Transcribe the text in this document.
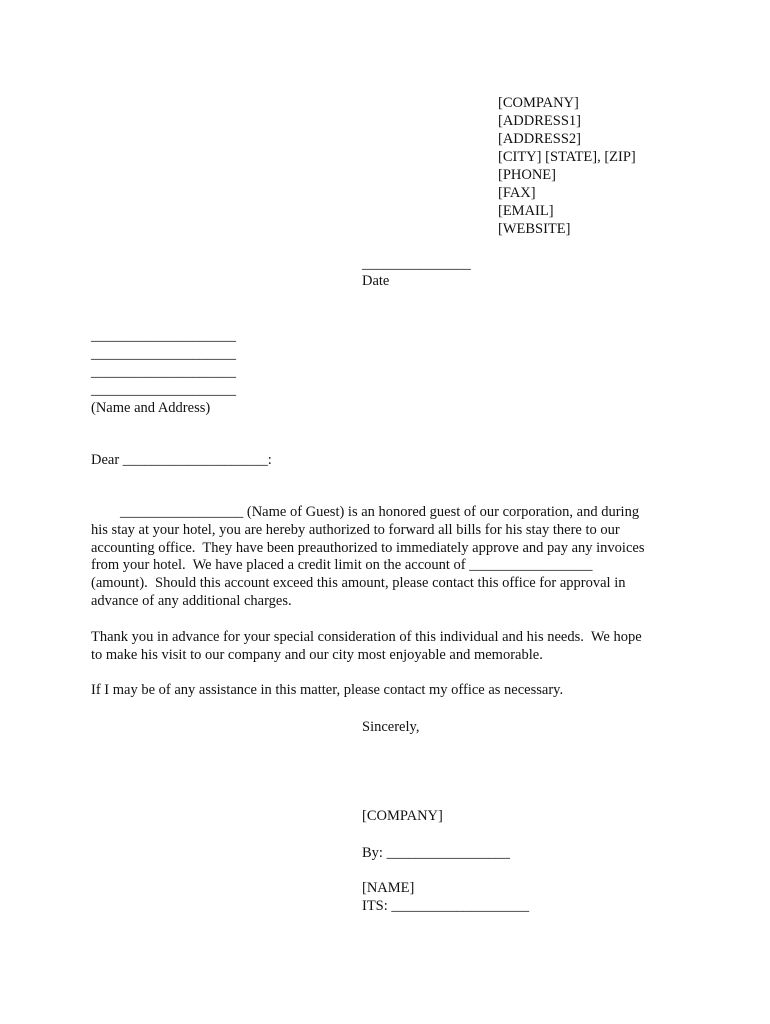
[COMPANY]
[ADDRESS1]
[ADDRESS2]
[CITY] [STATE], [ZIP]
[PHONE]
[FAX]
[EMAIL]
[WEBSITE]
_______________
Date
____________________
____________________
____________________
____________________
(Name and Address)
Dear ____________________:
_________________ (Name of Guest) is an honored guest of our corporation, and during
his stay at your hotel, you are hereby authorized to forward all bills for his stay there to our
accounting office.  They have been preauthorized to immediately approve and pay any invoices
from your hotel.  We have placed a credit limit on the account of _________________
(amount).  Should this account exceed this amount, please contact this office for approval in
advance of any additional charges.
Thank you in advance for your special consideration of this individual and his needs.  We hope
to make his visit to our company and our city most enjoyable and memorable.
If I may be of any assistance in this matter, please contact my office as necessary.
Sincerely,
[COMPANY]
By: _________________
[NAME]
ITS: ___________________
